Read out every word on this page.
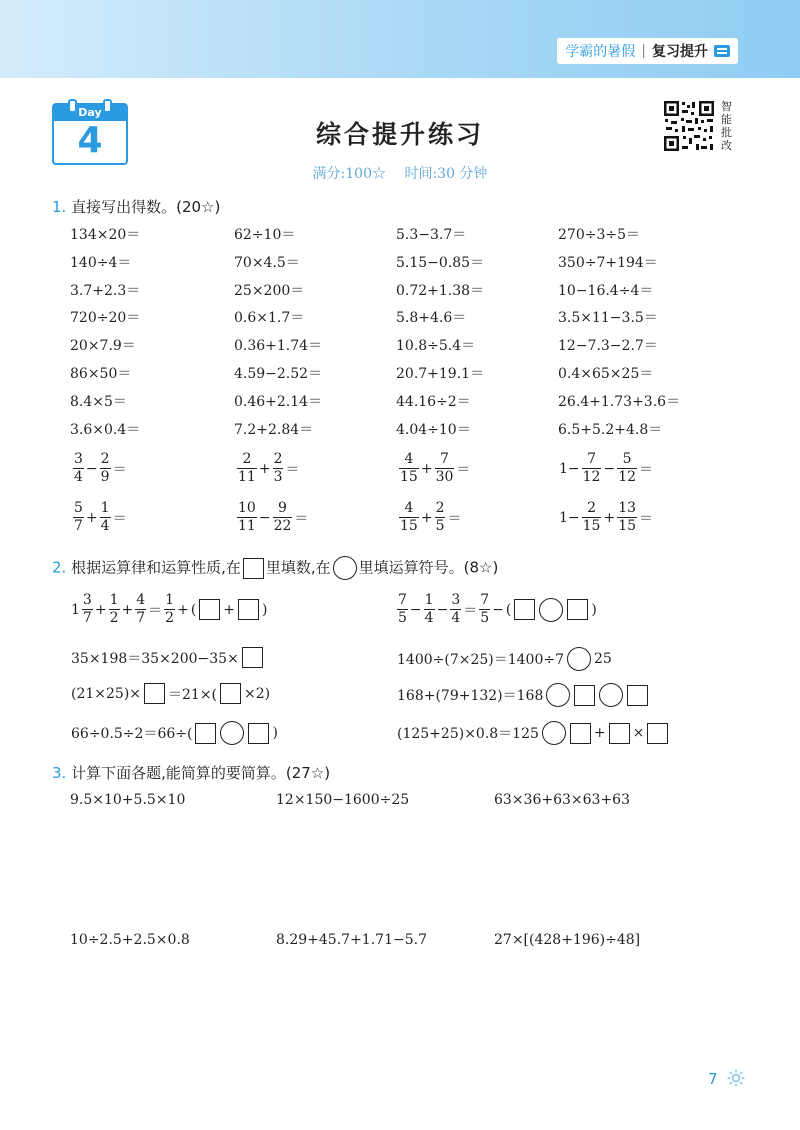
学霸的暑假 | 复习提升
Day
4	综合提升练习
满分:100☆ 时间:30 分钟
智
能
批
改
1. 直接写出得数。(20☆)
134×20＝	62÷10＝	5.3−3.7＝	270÷3÷5＝
140÷4＝	70×4.5＝	5.15−0.85＝	350÷7+194＝
3.7+2.3＝	25×200＝	0.72+1.38＝	10−16.4÷4＝
720÷20＝	0.6×1.7＝	5.8+4.6＝	3.5×11−3.5＝
20×7.9＝	0.36+1.74＝	10.8÷5.4＝	12−7.3−2.7＝
86×50＝	4.59−2.52＝	20.7+19.1＝	0.4×65×25＝
8.4×5＝	0.46+2.14＝	44.16÷2＝	26.4+1.73+3.6＝
3.6×0.4＝	7.2+2.84＝	4.04÷10＝	6.5+5.2+4.8＝
$\frac{3}{4} - \frac{2}{9}$ ＝	$\frac{2}{11} + \frac{2}{3}$ ＝	$\frac{4}{15} + \frac{7}{30}$ ＝	$1- \frac{7}{12} - \frac{5}{12}$ ＝
$\frac{5}{7} + \frac{1}{4}$ ＝	$\frac{10}{11} - \frac{9}{22}$ ＝	$\frac{4}{15} + \frac{2}{5}$ ＝	$1- \frac{2}{15} + \frac{13}{15}$ ＝
2. 根据运算律和运算性质,在 里填数,在 里填运算符号。(8☆)
$1 \frac{3}{7} + \frac{1}{2} + \frac{4}{7} = \frac{1}{2}$ + ( + )	$\frac{7}{5} - \frac{1}{4} - \frac{3}{4} = \frac{7}{5}$ − (	)
35×198＝35×200−35×	1400÷(7×25)＝1400÷7 25
(21×25)× ＝21×( ×2)	168+(79+132)＝168
66÷0.5÷2＝66÷(	)	(125+25)×0.8＝125	+ ×
3. 计算下面各题,能简算的要简算。(27☆)
9.5×10+5.5×10	12×150−1600÷25	63×36+63×63+63
10÷2.5+2.5×0.8	8.29+45.7+1.71−5.7	27×[(428+196)÷48]
7
